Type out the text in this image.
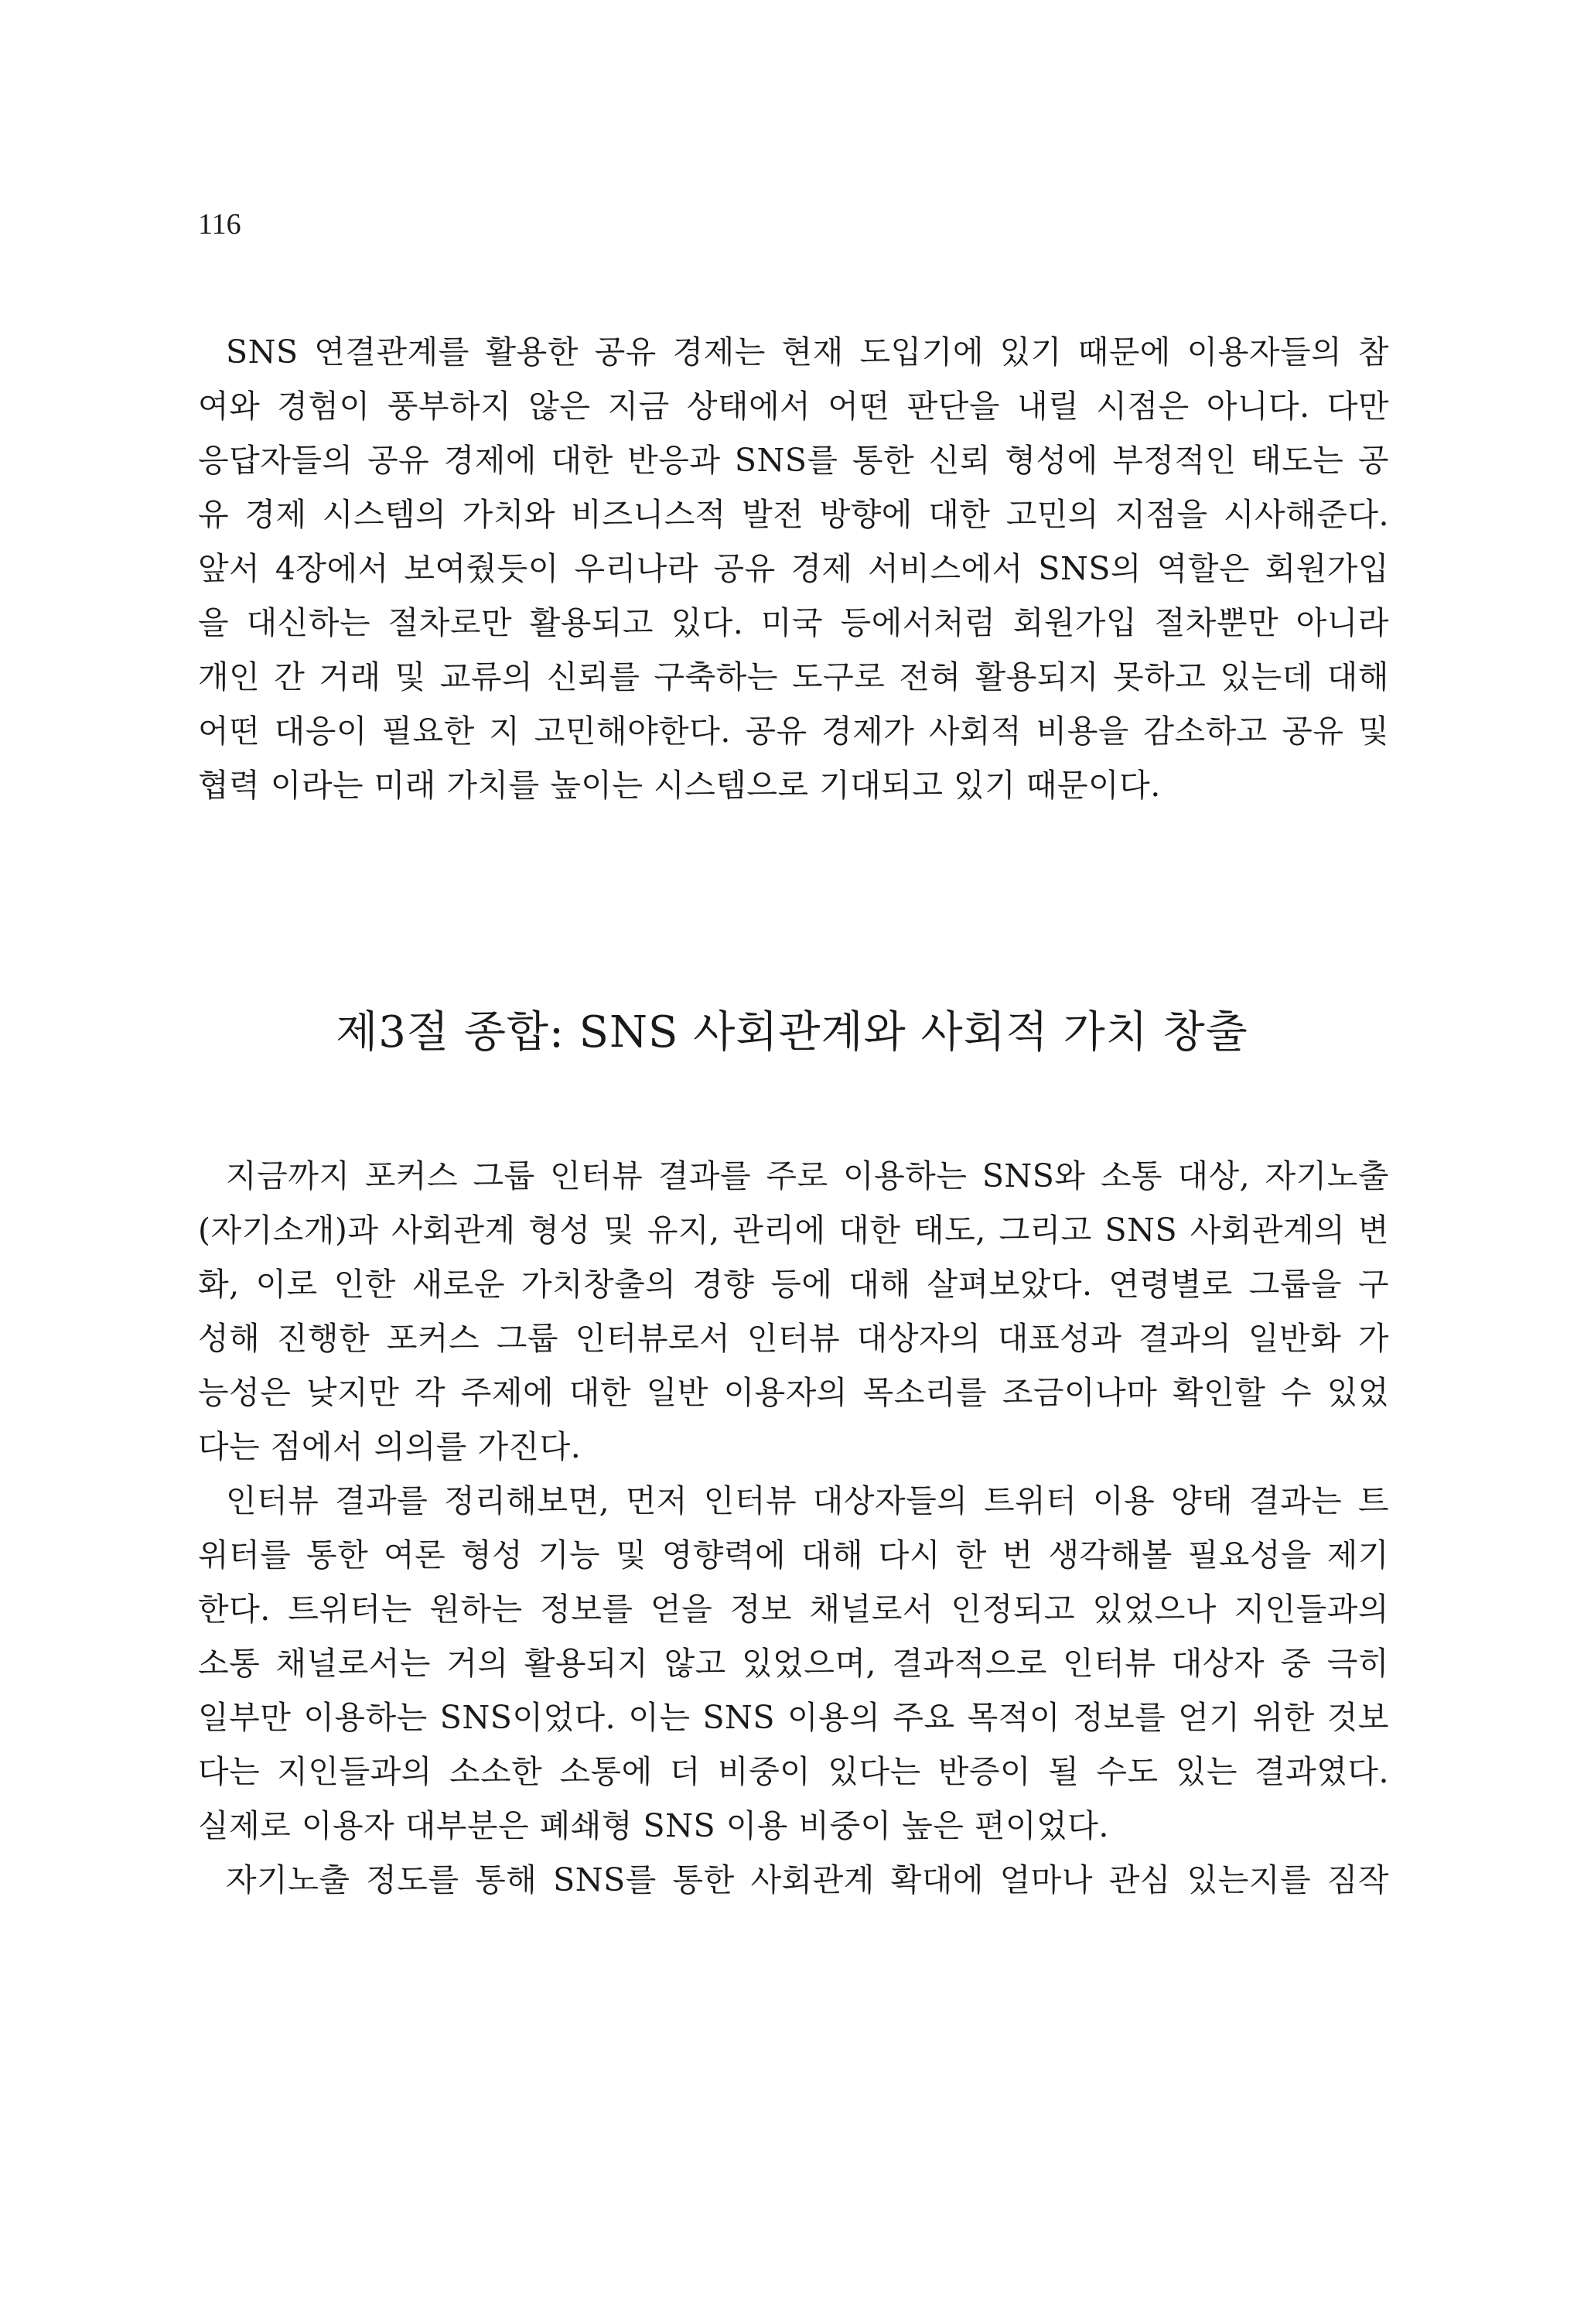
116

SNS 연결관계를 활용한 공유 경제는 현재 도입기에 있기 때문에 이용자들의 참
여와 경험이 풍부하지 않은 지금 상태에서 어떤 판단을 내릴 시점은 아니다. 다만
응답자들의 공유 경제에 대한 반응과 SNS를 통한 신뢰 형성에 부정적인 태도는 공
유 경제 시스템의 가치와 비즈니스적 발전 방향에 대한 고민의 지점을 시사해준다.
앞서 4장에서 보여줬듯이 우리나라 공유 경제 서비스에서 SNS의 역할은 회원가입
을 대신하는 절차로만 활용되고 있다. 미국 등에서처럼 회원가입 절차뿐만 아니라
개인 간 거래 및 교류의 신뢰를 구축하는 도구로 전혀 활용되지 못하고 있는데 대해
어떤 대응이 필요한 지 고민해야한다. 공유 경제가 사회적 비용을 감소하고 공유 및
협력 이라는 미래 가치를 높이는 시스템으로 기대되고 있기 때문이다.

제3절 종합: SNS 사회관계와 사회적 가치 창출

지금까지 포커스 그룹 인터뷰 결과를 주로 이용하는 SNS와 소통 대상, 자기노출
(자기소개)과 사회관계 형성 및 유지, 관리에 대한 태도, 그리고 SNS 사회관계의 변
화, 이로 인한 새로운 가치창출의 경향 등에 대해 살펴보았다. 연령별로 그룹을 구
성해 진행한 포커스 그룹 인터뷰로서 인터뷰 대상자의 대표성과 결과의 일반화 가
능성은 낮지만 각 주제에 대한 일반 이용자의 목소리를 조금이나마 확인할 수 있었
다는 점에서 의의를 가진다.

인터뷰 결과를 정리해보면, 먼저 인터뷰 대상자들의 트위터 이용 양태 결과는 트
위터를 통한 여론 형성 기능 및 영향력에 대해 다시 한 번 생각해볼 필요성을 제기
한다. 트위터는 원하는 정보를 얻을 정보 채널로서 인정되고 있었으나 지인들과의
소통 채널로서는 거의 활용되지 않고 있었으며, 결과적으로 인터뷰 대상자 중 극히
일부만 이용하는 SNS이었다. 이는 SNS 이용의 주요 목적이 정보를 얻기 위한 것보
다는 지인들과의 소소한 소통에 더 비중이 있다는 반증이 될 수도 있는 결과였다.
실제로 이용자 대부분은 폐쇄형 SNS 이용 비중이 높은 편이었다.

자기노출 정도를 통해 SNS를 통한 사회관계 확대에 얼마나 관심 있는지를 짐작
